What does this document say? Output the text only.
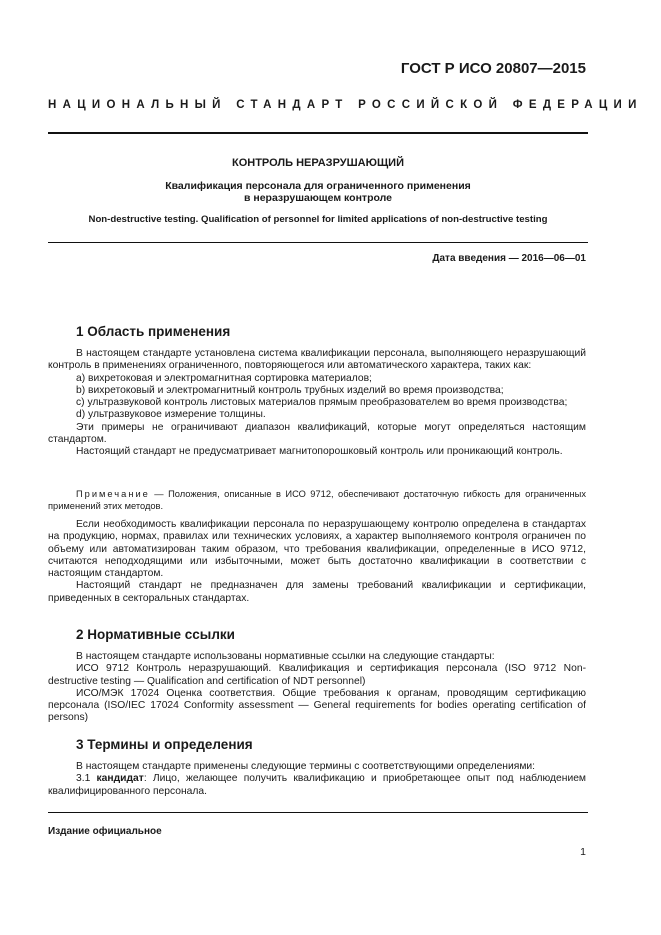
ГОСТ Р ИСО 20807—2015
НАЦИОНАЛЬНЫЙ СТАНДАРТ РОССИЙСКОЙ ФЕДЕРАЦИИ
КОНТРОЛЬ НЕРАЗРУШАЮЩИЙ
Квалификация персонала для ограниченного применения
в неразрушающем контроле
Non-destructive testing. Qualification of personnel for limited applications of non-destructive testing
Дата введения — 2016—06—01
1 Область применения
В настоящем стандарте установлена система квалификации персонала, выполняющего неразрушающий контроль в применениях ограниченного, повторяющегося или автоматического характера, таких как:
а) вихретоковая и электромагнитная сортировка материалов;
b) вихретоковый и электромагнитный контроль трубных изделий во время производства;
с) ультразвуковой контроль листовых материалов прямым преобразователем во время производства;
d) ультразвуковое измерение толщины.
Эти примеры не ограничивают диапазон квалификаций, которые могут определяться настоящим стандартом.
Настоящий стандарт не предусматривает магнитопорошковый контроль или проникающий контроль.
Примечание — Положения, описанные в ИСО 9712, обеспечивают достаточную гибкость для ограниченных применений этих методов.
Если необходимость квалификации персонала по неразрушающему контролю определена в стандартах на продукцию, нормах, правилах или технических условиях, а характер выполняемого контроля ограничен по объему или автоматизирован таким образом, что требования квалификации, определенные в ИСО 9712, считаются неподходящими или избыточными, может быть достаточно квалификации в соответствии с настоящим стандартом.
Настоящий стандарт не предназначен для замены требований квалификации и сертификации, приведенных в секторальных стандартах.
2 Нормативные ссылки
В настоящем стандарте использованы нормативные ссылки на следующие стандарты:
ИСО 9712 Контроль неразрушающий. Квалификация и сертификация персонала (ISO 9712 Non-destructive testing — Qualification and certification of NDT personnel)
ИСО/МЭК 17024 Оценка соответствия. Общие требования к органам, проводящим сертификацию персонала (ISO/IEC 17024 Conformity assessment — General requirements for bodies operating certification of persons)
3 Термины и определения
В настоящем стандарте применены следующие термины с соответствующими определениями:
3.1 кандидат: Лицо, желающее получить квалификацию и приобретающее опыт под наблюдением квалифицированного персонала.
Издание официальное
1
